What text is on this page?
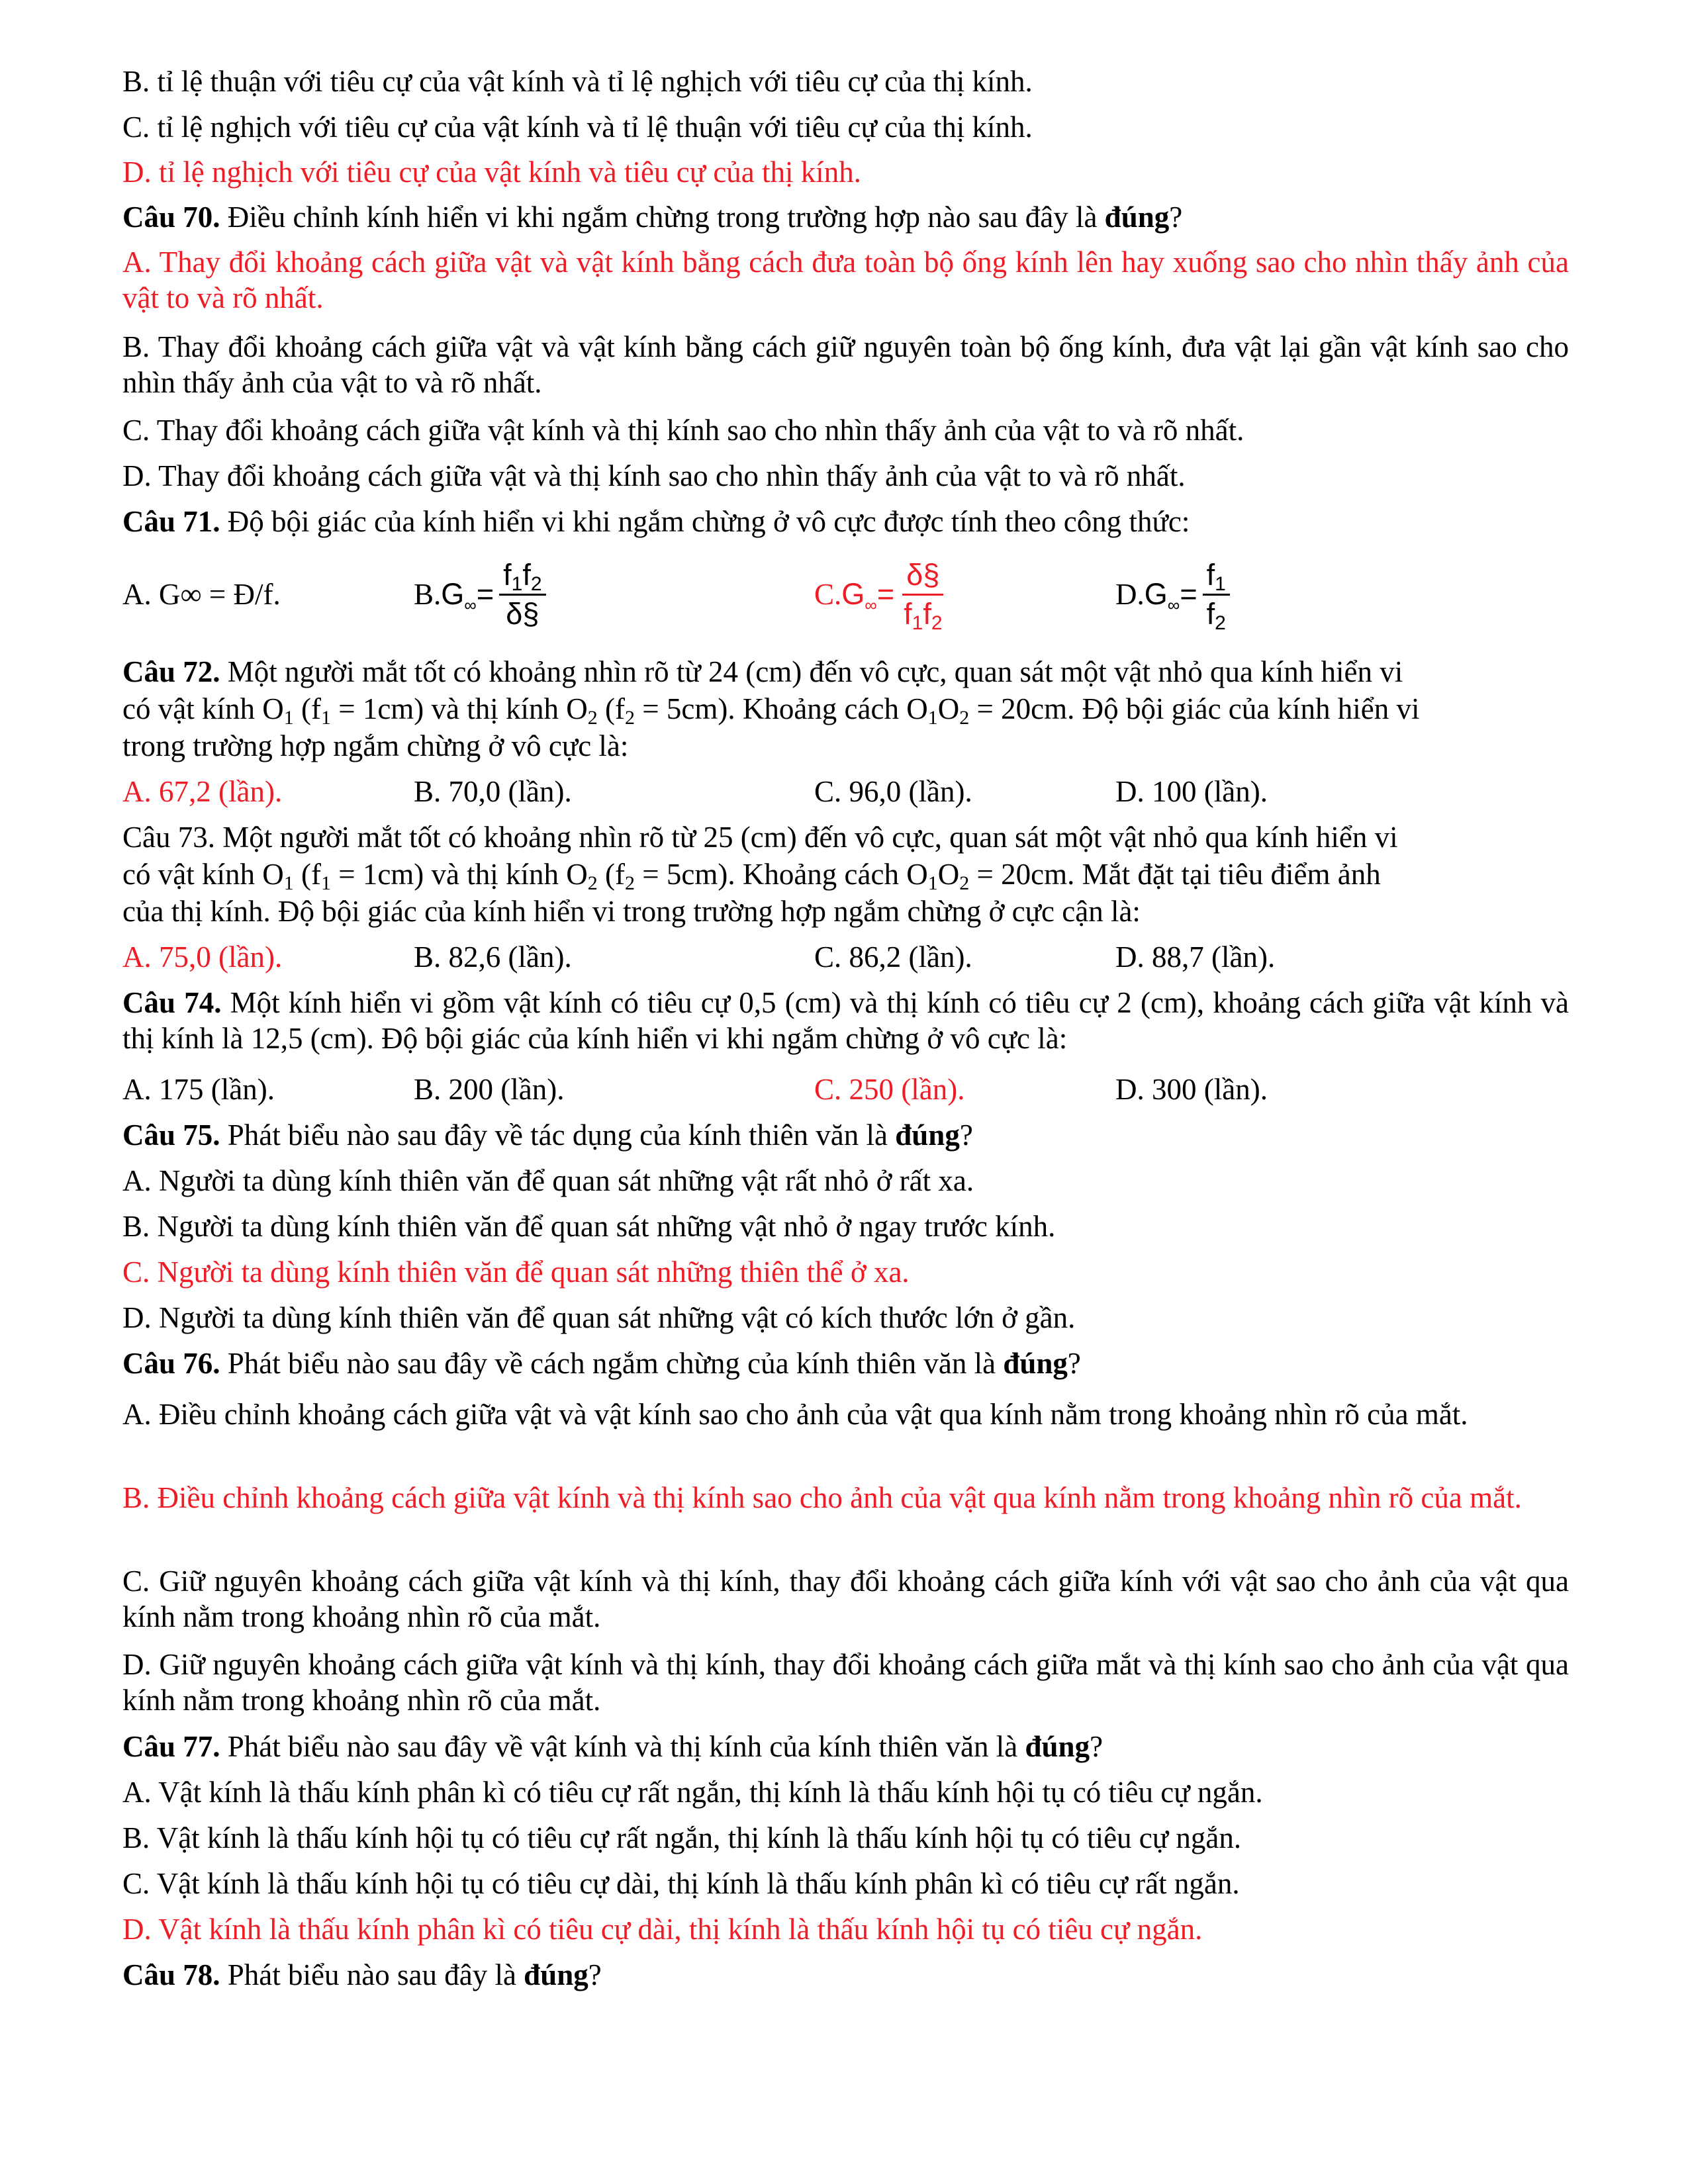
B. tỉ lệ thuận với tiêu cự của vật kính và tỉ lệ nghịch với tiêu cự của thị kính.
C. tỉ lệ nghịch với tiêu cự của vật kính và tỉ lệ thuận với tiêu cự của thị kính.
D. tỉ lệ nghịch với tiêu cự của vật kính và tiêu cự của thị kính.
Câu 70. Điều chỉnh kính hiển vi khi ngắm chừng trong trường hợp nào sau đây là đúng?
A. Thay đổi khoảng cách giữa vật và vật kính bằng cách đưa toàn bộ ống kính lên hay xuống sao cho nhìn thấy ảnh của vật to và rõ nhất.
B. Thay đổi khoảng cách giữa vật và vật kính bằng cách giữ nguyên toàn bộ ống kính, đưa vật lại gần vật kính sao cho nhìn thấy ảnh của vật to và rõ nhất.
C. Thay đổi khoảng cách giữa vật kính và thị kính sao cho nhìn thấy ảnh của vật to và rõ nhất.
D. Thay đổi khoảng cách giữa vật và thị kính sao cho nhìn thấy ảnh của vật to và rõ nhất.
Câu 71. Độ bội giác của kính hiển vi khi ngắm chừng ở vô cực được tính theo công thức:
A. G∞ = Đ/f.	B. $G_\infty = \frac{f_1f_2}{\delta\S}$	C. $G_\infty = \frac{\delta\S}{f_1f_2}$	D. $G_\infty = \frac{f_1}{f_2}$
Câu 72. Một người mắt tốt có khoảng nhìn rõ từ 24 (cm) đến vô cực, quan sát một vật nhỏ qua kính hiển vi
có vật kính $O_1$ $(f_1 = 1cm)$ và thị kính $O_2$ $(f_2 = 5cm)$. Khoảng cách $O_1O_2 = 20cm$. Độ bội giác của kính hiển vi
trong trường hợp ngắm chừng ở vô cực là:
A. 67,2 (lần).	B. 70,0 (lần).	C. 96,0 (lần).	D. 100 (lần).
Câu 73. Một người mắt tốt có khoảng nhìn rõ từ 25 (cm) đến vô cực, quan sát một vật nhỏ qua kính hiển vi
có vật kính $O_1$ $(f_1 = 1cm)$ và thị kính $O_2$ $(f_2 = 5cm)$. Khoảng cách $O_1O_2 = 20cm$. Mắt đặt tại tiêu điểm ảnh
của thị kính. Độ bội giác của kính hiển vi trong trường hợp ngắm chừng ở cực cận là:
A. 75,0 (lần).	B. 82,6 (lần).	C. 86,2 (lần).	D. 88,7 (lần).
Câu 74. Một kính hiển vi gồm vật kính có tiêu cự 0,5 (cm) và thị kính có tiêu cự 2 (cm), khoảng cách giữa vật kính và thị kính là 12,5 (cm). Độ bội giác của kính hiển vi khi ngắm chừng ở vô cực là:
A. 175 (lần).	B. 200 (lần).	C. 250 (lần).	D. 300 (lần).
Câu 75. Phát biểu nào sau đây về tác dụng của kính thiên văn là đúng?
A. Người ta dùng kính thiên văn để quan sát những vật rất nhỏ ở rất xa.
B. Người ta dùng kính thiên văn để quan sát những vật nhỏ ở ngay trước kính.
C. Người ta dùng kính thiên văn để quan sát những thiên thể ở xa.
D. Người ta dùng kính thiên văn để quan sát những vật có kích thước lớn ở gần.
Câu 76. Phát biểu nào sau đây về cách ngắm chừng của kính thiên văn là đúng?
A. Điều chỉnh khoảng cách giữa vật và vật kính sao cho ảnh của vật qua kính nằm trong khoảng nhìn rõ của mắt.
B. Điều chỉnh khoảng cách giữa vật kính và thị kính sao cho ảnh của vật qua kính nằm trong khoảng nhìn rõ của mắt.
C. Giữ nguyên khoảng cách giữa vật kính và thị kính, thay đổi khoảng cách giữa kính với vật sao cho ảnh của vật qua kính nằm trong khoảng nhìn rõ của mắt.
D. Giữ nguyên khoảng cách giữa vật kính và thị kính, thay đổi khoảng cách giữa mắt và thị kính sao cho ảnh của vật qua kính nằm trong khoảng nhìn rõ của mắt.
Câu 77. Phát biểu nào sau đây về vật kính và thị kính của kính thiên văn là đúng?
A. Vật kính là thấu kính phân kì có tiêu cự rất ngắn, thị kính là thấu kính hội tụ có tiêu cự ngắn.
B. Vật kính là thấu kính hội tụ có tiêu cự rất ngắn, thị kính là thấu kính hội tụ có tiêu cự ngắn.
C. Vật kính là thấu kính hội tụ có tiêu cự dài, thị kính là thấu kính phân kì có tiêu cự rất ngắn.
D. Vật kính là thấu kính phân kì có tiêu cự dài, thị kính là thấu kính hội tụ có tiêu cự ngắn.
Câu 78. Phát biểu nào sau đây là đúng?
